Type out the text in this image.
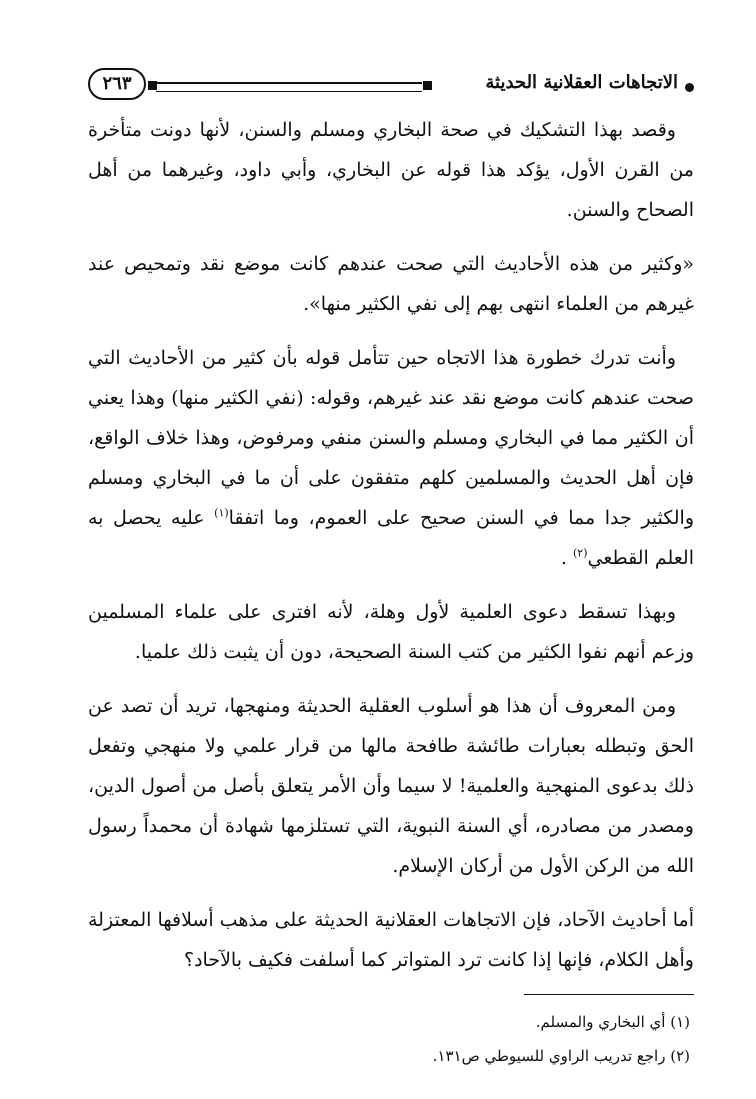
الاتجاهات العقلانية الحديثة
٢٦٣

وقصد بهذا التشكيك في صحة البخاري ومسلم والسنن، لأنها دونت متأخرة من القرن الأول، يؤكد هذا قوله عن البخاري، وأبي داود، وغيرهما من أهل الصحاح والسنن.

«وكثير من هذه الأحاديث التي صحت عندهم كانت موضع نقد وتمحيص عند غيرهم من العلماء انتهى بهم إلى نفي الكثير منها».

وأنت تدرك خطورة هذا الاتجاه حين تتأمل قوله بأن كثير من الأحاديث التي صحت عندهم كانت موضع نقد عند غيرهم، وقوله: (نفي الكثير منها) وهذا يعني أن الكثير مما في البخاري ومسلم والسنن منفي ومرفوض، وهذا خلاف الواقع، فإن أهل الحديث والمسلمين كلهم متفقون على أن ما في البخاري ومسلم والكثير جدا مما في السنن صحيح على العموم، وما اتفقا$^{(١)}$ عليه يحصل به العلم القطعي$^{(٢)}$ .

وبهذا تسقط دعوى العلمية لأول وهلة، لأنه افترى على علماء المسلمين وزعم أنهم نفوا الكثير من كتب السنة الصحيحة، دون أن يثبت ذلك علميا.

ومن المعروف أن هذا هو أسلوب العقلية الحديثة ومنهجها، تريد أن تصد عن الحق وتبطله بعبارات طائشة طافحة مالها من قرار علمي ولا منهجي وتفعل ذلك بدعوى المنهجية والعلمية! لا سيما وأن الأمر يتعلق بأصل من أصول الدين، ومصدر من مصادره، أي السنة النبوية، التي تستلزمها شهادة أن محمداً رسول الله من الركن الأول من أركان الإسلام.

أما أحاديث الآحاد، فإن الاتجاهات العقلانية الحديثة على مذهب أسلافها المعتزلة وأهل الكلام، فإنها إذا كانت ترد المتواتر كما أسلفت فكيف بالآحاد؟

(١) أي البخاري والمسلم.
(٢) راجع تدريب الراوي للسيوطي ص١٣١.
